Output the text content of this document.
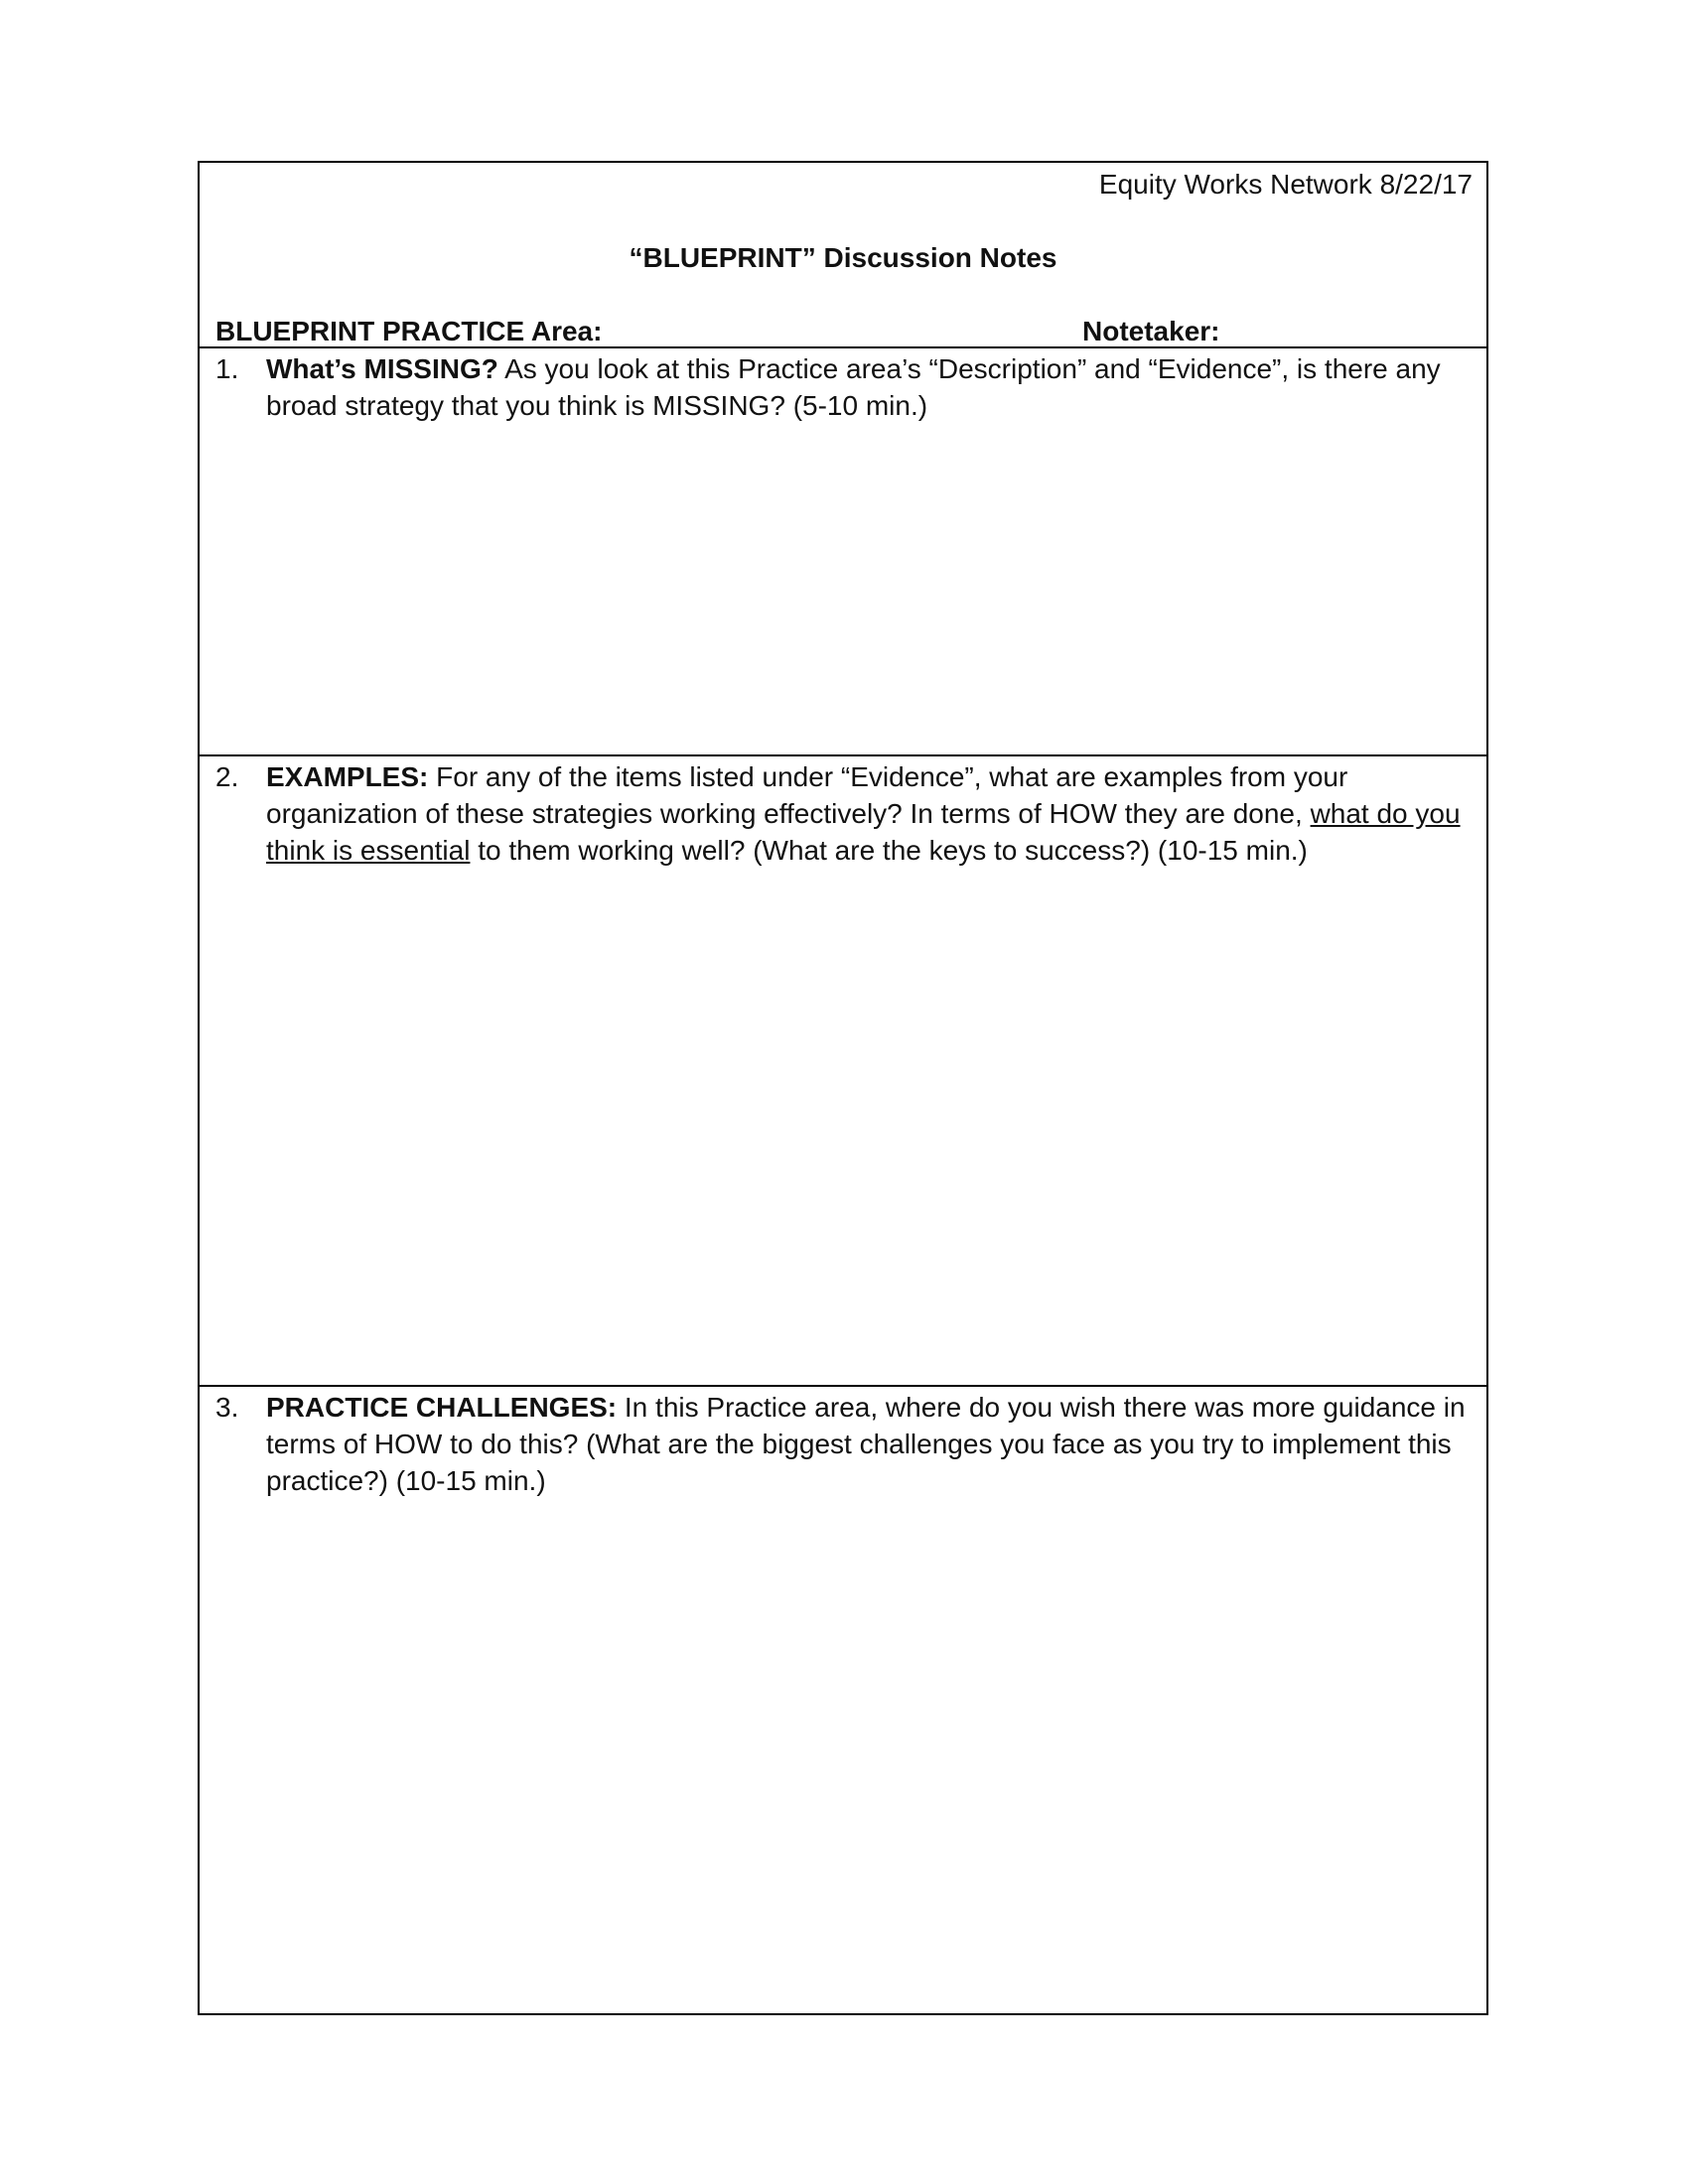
Equity Works Network 8/22/17
“BLUEPRINT” Discussion Notes
BLUEPRINT PRACTICE Area:	Notetaker:
1. What’s MISSING? As you look at this Practice area’s “Description” and “Evidence”, is there any broad strategy that you think is MISSING? (5-10 min.)
2. EXAMPLES: For any of the items listed under “Evidence”, what are examples from your organization of these strategies working effectively? In terms of HOW they are done, what do you think is essential to them working well? (What are the keys to success?) (10-15 min.)
3. PRACTICE CHALLENGES: In this Practice area, where do you wish there was more guidance in terms of HOW to do this? (What are the biggest challenges you face as you try to implement this practice?) (10-15 min.)
